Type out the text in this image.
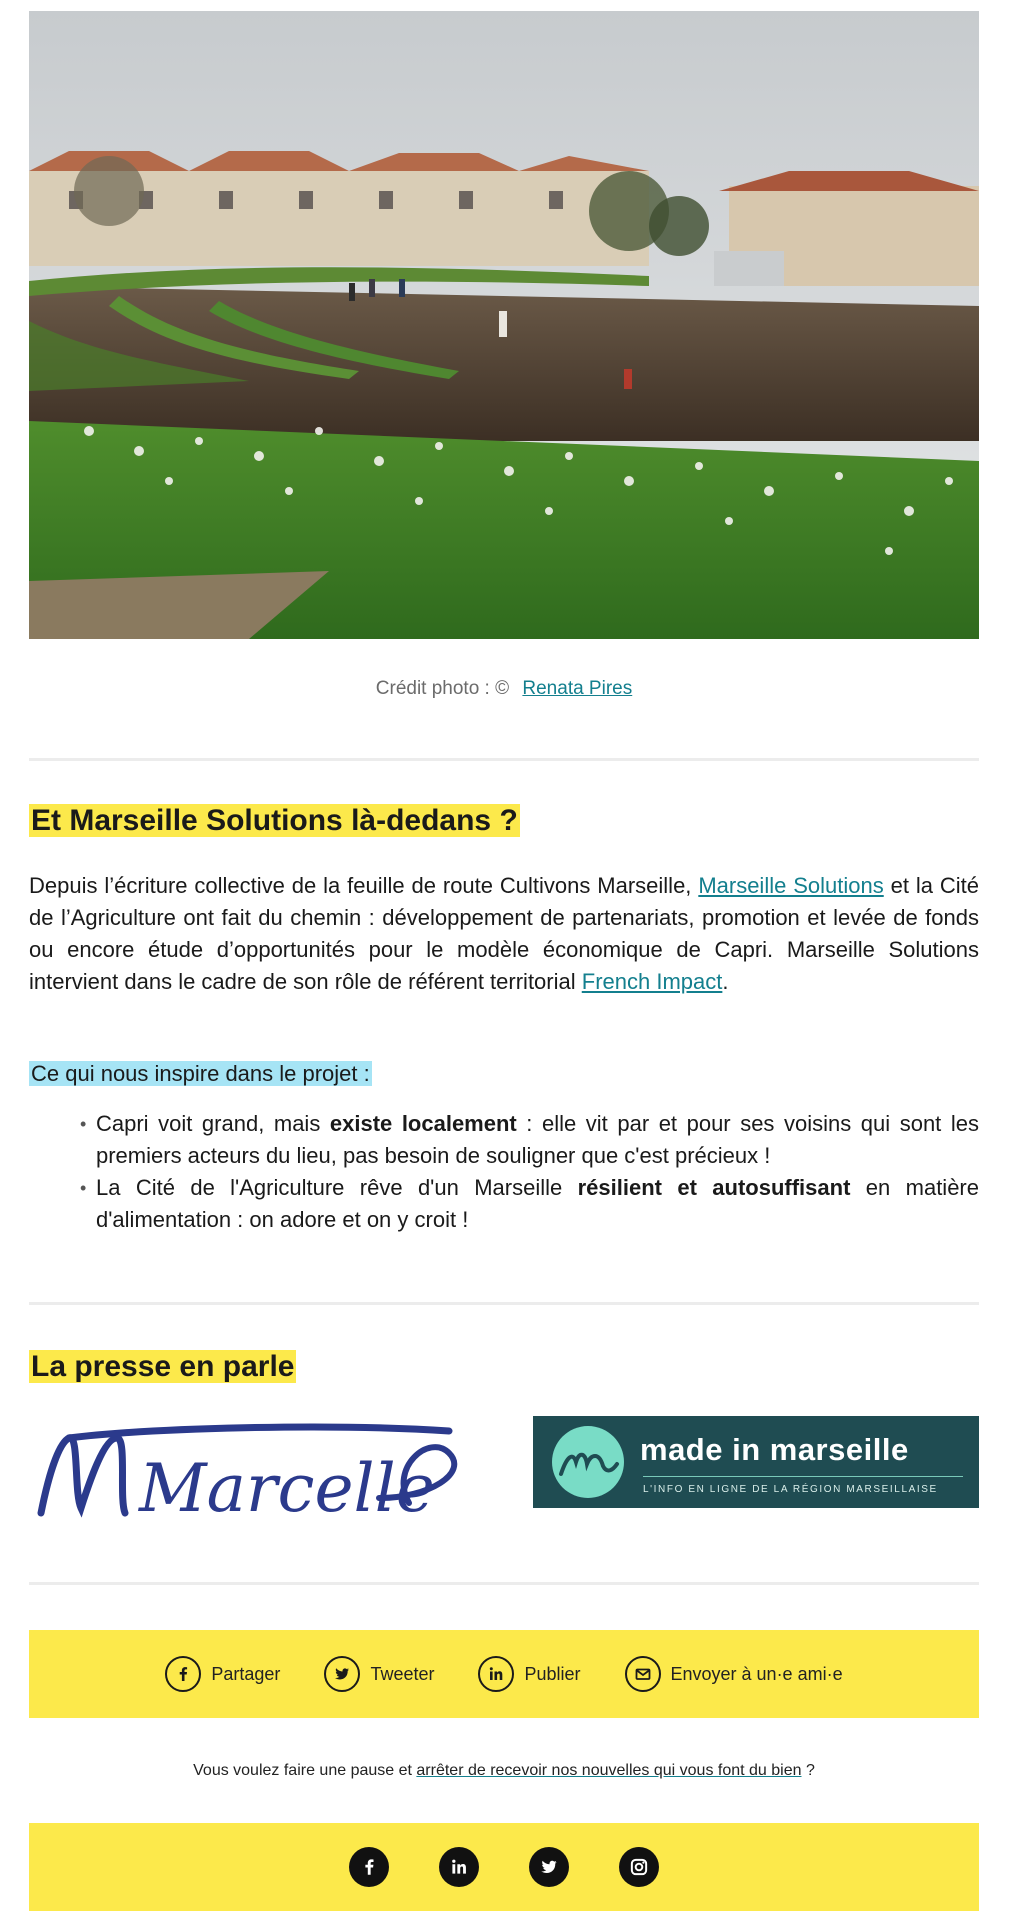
Crédit photo : © Renata Pires
Et Marseille Solutions là-dedans ?
Depuis l’écriture collective de la feuille de route Cultivons Marseille, Marseille Solutions et la Cité de l’Agriculture ont fait du chemin : développement de partenariats, promotion et levée de fonds ou encore étude d’opportunités pour le modèle économique de Capri. Marseille Solutions intervient dans le cadre de son rôle de référent territorial French Impact.
Ce qui nous inspire dans le projet :
• Capri voit grand, mais existe localement : elle vit par et pour ses voisins qui sont les premiers acteurs du lieu, pas besoin de souligner que c'est précieux !
• La Cité de l'Agriculture rêve d'un Marseille résilient et autosuffisant en matière d'alimentation : on adore et on y croit !
La presse en parle
Marcelle
made in marseille
L'INFO EN LIGNE DE LA RÉGION MARSEILLAISE
Partager	Tweeter	Publier	Envoyer à un·e ami·e
Vous voulez faire une pause et arrêter de recevoir nos nouvelles qui vous font du bien ?
